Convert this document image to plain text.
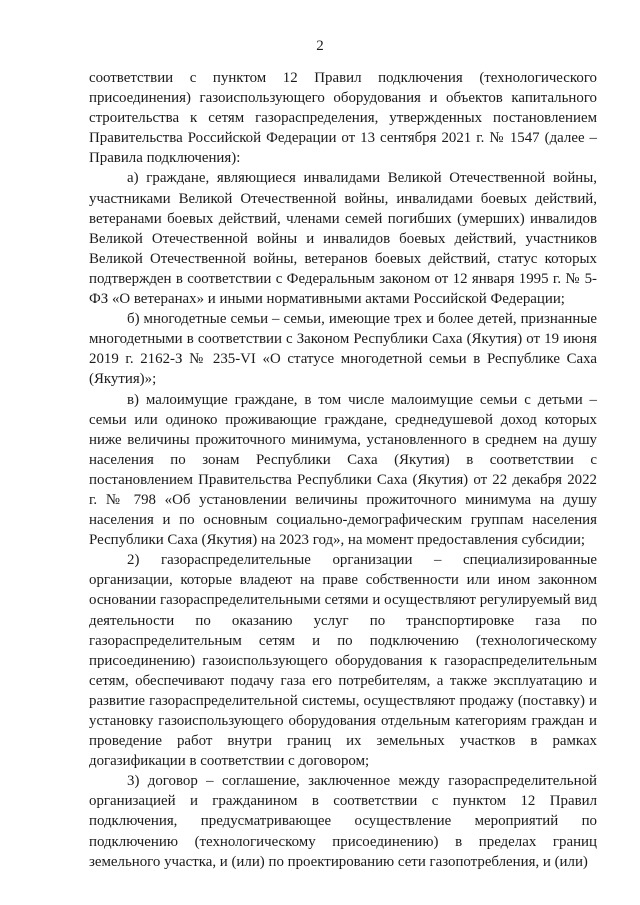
2

соответствии с пунктом 12 Правил подключения (технологического присоединения) газоиспользующего оборудования и объектов капитального строительства к сетям газораспределения, утвержденных постановлением Правительства Российской Федерации от 13 сентября 2021 г. № 1547 (далее – Правила подключения):

а) граждане, являющиеся инвалидами Великой Отечественной войны, участниками Великой Отечественной войны, инвалидами боевых действий, ветеранами боевых действий, членами семей погибших (умерших) инвалидов Великой Отечественной войны и инвалидов боевых действий, участников Великой Отечественной войны, ветеранов боевых действий, статус которых подтвержден в соответствии с Федеральным законом от 12 января 1995 г. № 5-ФЗ «О ветеранах» и иными нормативными актами Российской Федерации;

б) многодетные семьи – семьи, имеющие трех и более детей, признанные многодетными в соответствии с Законом Республики Саха (Якутия) от 19 июня 2019 г. 2162-З № 235-VI «О статусе многодетной семьи в Республике Саха (Якутия)»;

в) малоимущие граждане, в том числе малоимущие семьи с детьми – семьи или одиноко проживающие граждане, среднедушевой доход которых ниже величины прожиточного минимума, установленного в среднем на душу населения по зонам Республики Саха (Якутия) в соответствии с постановлением Правительства Республики Саха (Якутия) от 22 декабря 2022 г. № 798 «Об установлении величины прожиточного минимума на душу населения и по основным социально-демографическим группам населения Республики Саха (Якутия) на 2023 год», на момент предоставления субсидии;

2) газораспределительные организации – специализированные организации, которые владеют на праве собственности или ином законном основании газораспределительными сетями и осуществляют регулируемый вид деятельности по оказанию услуг по транспортировке газа по газораспределительным сетям и по подключению (технологическому присоединению) газоиспользующего оборудования к газораспределительным сетям, обеспечивают подачу газа его потребителям, а также эксплуатацию и развитие газораспределительной системы, осуществляют продажу (поставку) и установку газоиспользующего оборудования отдельным категориям граждан и проведение работ внутри границ их земельных участков в рамках догазификации в соответствии с договором;

3) договор – соглашение, заключенное между газораспределительной организацией и гражданином в соответствии с пунктом 12 Правил подключения, предусматривающее осуществление мероприятий по подключению (технологическому присоединению) в пределах границ земельного участка, и (или) по проектированию сети газопотребления, и (или)
